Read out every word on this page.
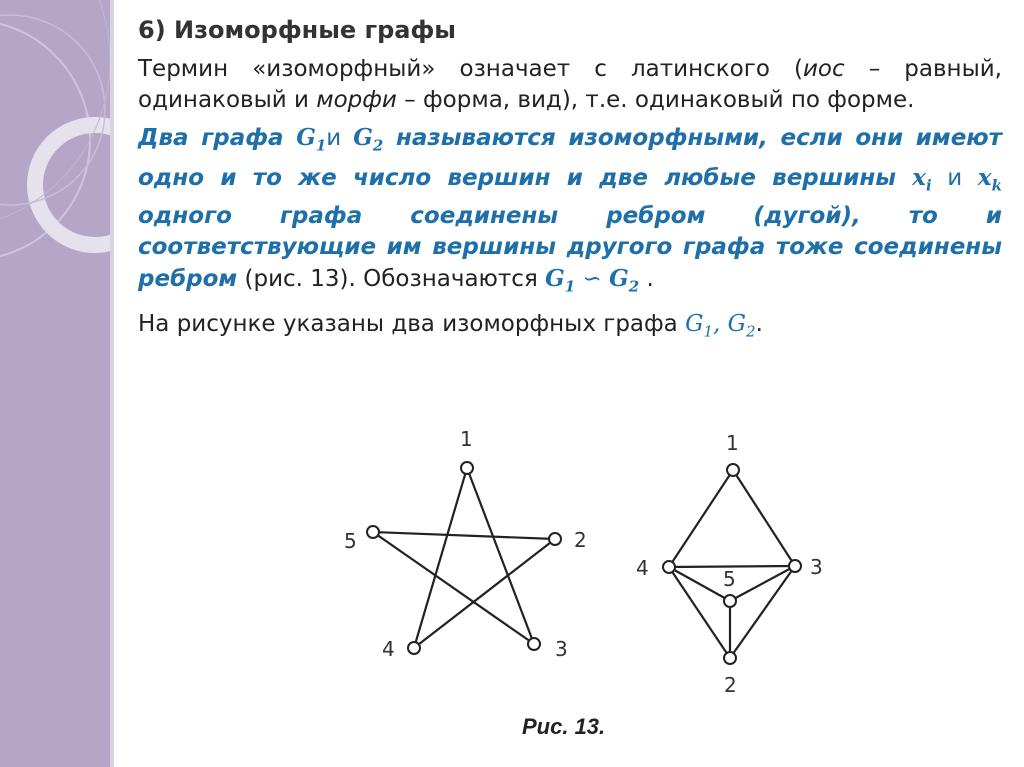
6) Изоморфные графы
Термин «изоморфный» означает с латинского (иос – равный, одинаковый и морфи – форма, вид), т.е. одинаковый по форме.
Два графа $G_1и$ $G_2$ называются изоморфными, если они имеют одно и то же число вершин и две любые вершины $x_i$ и $x_k$ одного графа соединены ребром (дугой), то и соответствующие им вершины другого графа тоже соединены ребром (рис. 13). Обозначаются $G_1$ ∽ $G_2$ .
На рисунке указаны два изоморфных графа $G_1$, $G_2$.
1
2
3
4
5
1
2
3
4	5
Рис. 13.
